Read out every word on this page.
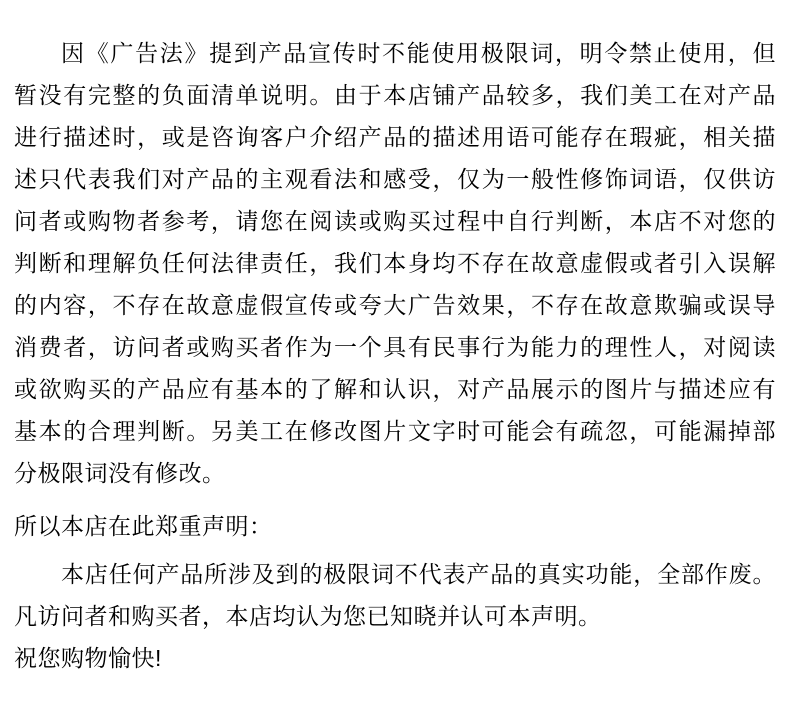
因《广告法》提到产品宣传时不能使用极限词，明令禁止使用，但
暂没有完整的负面清单说明。由于本店铺产品较多，我们美工在对产品
进行描述时，或是咨询客户介绍产品的描述用语可能存在瑕疵，相关描
述只代表我们对产品的主观看法和感受，仅为一般性修饰词语，仅供访
问者或购物者参考，请您在阅读或购买过程中自行判断，本店不对您的
判断和理解负任何法律责任，我们本身均不存在故意虚假或者引入误解
的内容，不存在故意虚假宣传或夸大广告效果，不存在故意欺骗或误导
消费者，访问者或购买者作为一个具有民事行为能力的理性人，对阅读
或欲购买的产品应有基本的了解和认识，对产品展示的图片与描述应有
基本的合理判断。另美工在修改图片文字时可能会有疏忽，可能漏掉部
分极限词没有修改。
所以本店在此郑重声明：
本店任何产品所涉及到的极限词不代表产品的真实功能，全部作废。
凡访问者和购买者，本店均认为您已知晓并认可本声明。
祝您购物愉快!
